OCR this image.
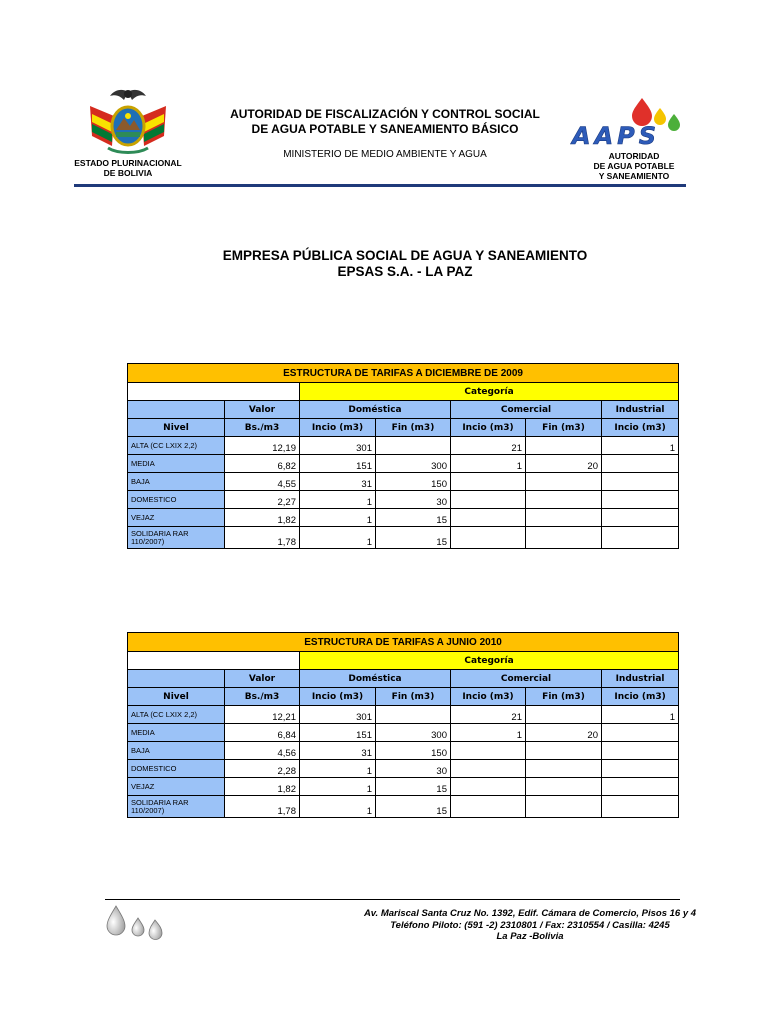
ESTADO PLURINACIONAL
DE BOLIVIA
AUTORIDAD DE FISCALIZACIÓN Y CONTROL SOCIAL
DE AGUA POTABLE Y SANEAMIENTO BÁSICO
MINISTERIO DE MEDIO AMBIENTE Y AGUA
AAPS
AUTORIDAD
DE AGUA POTABLE
Y SANEAMIENTO
EMPRESA PÚBLICA SOCIAL DE AGUA Y SANEAMIENTO
EPSAS S.A. - LA PAZ
ESTRUCTURA DE TARIFAS A DICIEMBRE DE 2009						
		Categoría				
	Valor	Doméstica		Comercial		Industrial
Nivel	Bs./m3	Incio (m3)	Fin (m3)	Incio (m3)	Fin (m3)	Incio (m3)
ALTA (CC LXIX 2,2)	12,19	301		21		1
MEDIA	6,82	151	300	1	20	
BAJA	4,55	31	150			
DOMESTICO	2,27	1	30			
VEJAZ	1,82	1	15			
SOLIDARIA RAR 110/2007)	1,78	1	15			
ESTRUCTURA DE TARIFAS A JUNIO 2010						
		Categoría				
	Valor	Doméstica		Comercial		Industrial
Nivel	Bs./m3	Incio (m3)	Fin (m3)	Incio (m3)	Fin (m3)	Incio (m3)
ALTA (CC LXIX 2,2)	12,21	301		21		1
MEDIA	6,84	151	300	1	20	
BAJA	4,56	31	150			
DOMESTICO	2,28	1	30			
VEJAZ	1,82	1	15			
SOLIDARIA RAR 110/2007)	1,78	1	15			
Av. Mariscal Santa Cruz No. 1392, Edif. Cámara de Comercio, Pisos 16 y 4
Teléfono Piloto: (591 -2) 2310801 / Fax: 2310554 / Casilla: 4245
La Paz -Bolivia
